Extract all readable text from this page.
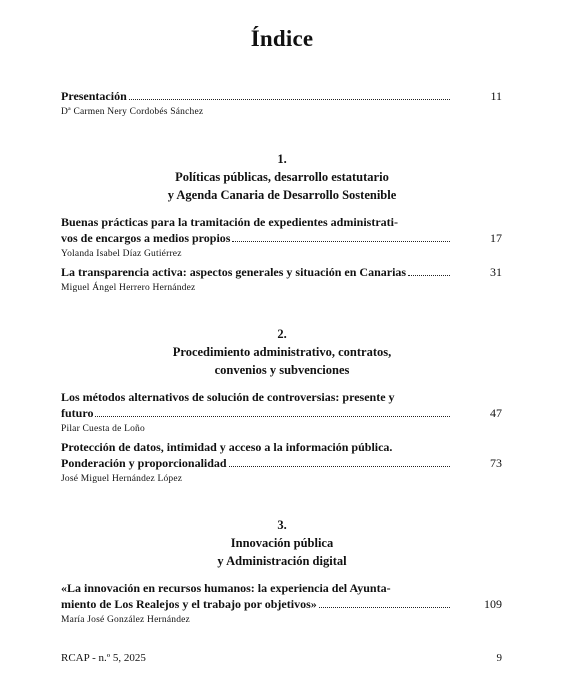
Índice
Presentación	11
Dª Carmen Nery Cordobés Sánchez
1.
Políticas públicas, desarrollo estatutario
y Agenda Canaria de Desarrollo Sostenible
Buenas prácticas para la tramitación de expedientes administrati-
vos de encargos a medios propios	17
Yolanda Isabel Díaz Gutiérrez
La transparencia activa: aspectos generales y situación en Canarias	31
Miguel Ángel Herrero Hernández
2.
Procedimiento administrativo, contratos,
convenios y subvenciones
Los métodos alternativos de solución de controversias: presente y
futuro	47
Pilar Cuesta de Loño
Protección de datos, intimidad y acceso a la información pública.
Ponderación y proporcionalidad	73
José Miguel Hernández López
3.
Innovación pública
y Administración digital
«La innovación en recursos humanos: la experiencia del Ayunta-
miento de Los Realejos y el trabajo por objetivos»	109
María José González Hernández
RCAP - n.º 5, 2025	9
